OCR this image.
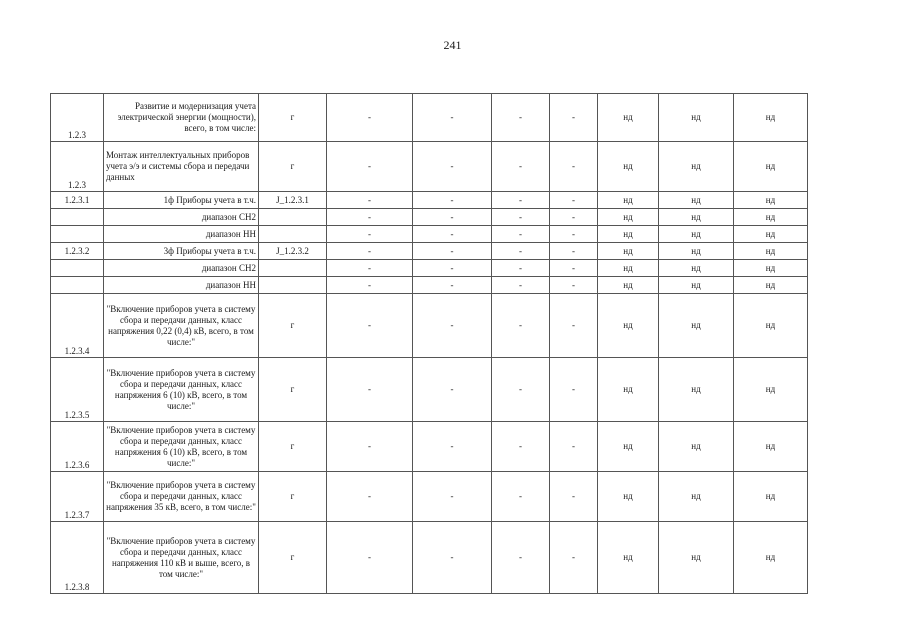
241
1.2.3	Развитие и модернизация учета электрической энергии (мощности), всего, в том числе:	г	-	-	-	-	нд	нд	нд
1.2.3	Монтаж интеллектуальных приборов учета э/э и системы сбора и передачи данных	г	-	-	-	-	нд	нд	нд
1.2.3.1	1ф Приборы учета в т.ч.	J_1.2.3.1	-	-	-	-	нд	нд	нд
	диапазон СН2		-	-	-	-	нд	нд	нд
	диапазон НН		-	-	-	-	нд	нд	нд
1.2.3.2	3ф Приборы учета в т.ч.	J_1.2.3.2	-	-	-	-	нд	нд	нд
	диапазон СН2		-	-	-	-	нд	нд	нд
	диапазон НН		-	-	-	-	нд	нд	нд
1.2.3.4	"Включение приборов учета в систему сбора и передачи данных, класс напряжения 0,22 (0,4) кВ, всего, в том числе:"	г	-	-	-	-	нд	нд	нд
1.2.3.5	"Включение приборов учета в систему сбора и передачи данных, класс напряжения 6 (10) кВ, всего, в том числе:"	г	-	-	-	-	нд	нд	нд
1.2.3.6	"Включение приборов учета в систему сбора и передачи данных, класс напряжения 6 (10) кВ, всего, в том числе:"	г	-	-	-	-	нд	нд	нд
1.2.3.7	"Включение приборов учета в систему сбора и передачи данных, класс напряжения 35 кВ, всего, в том числе:"	г	-	-	-	-	нд	нд	нд
1.2.3.8	"Включение приборов учета в систему сбора и передачи данных, класс напряжения 110 кВ и выше, всего, в том числе:"	г	-	-	-	-	нд	нд	нд
